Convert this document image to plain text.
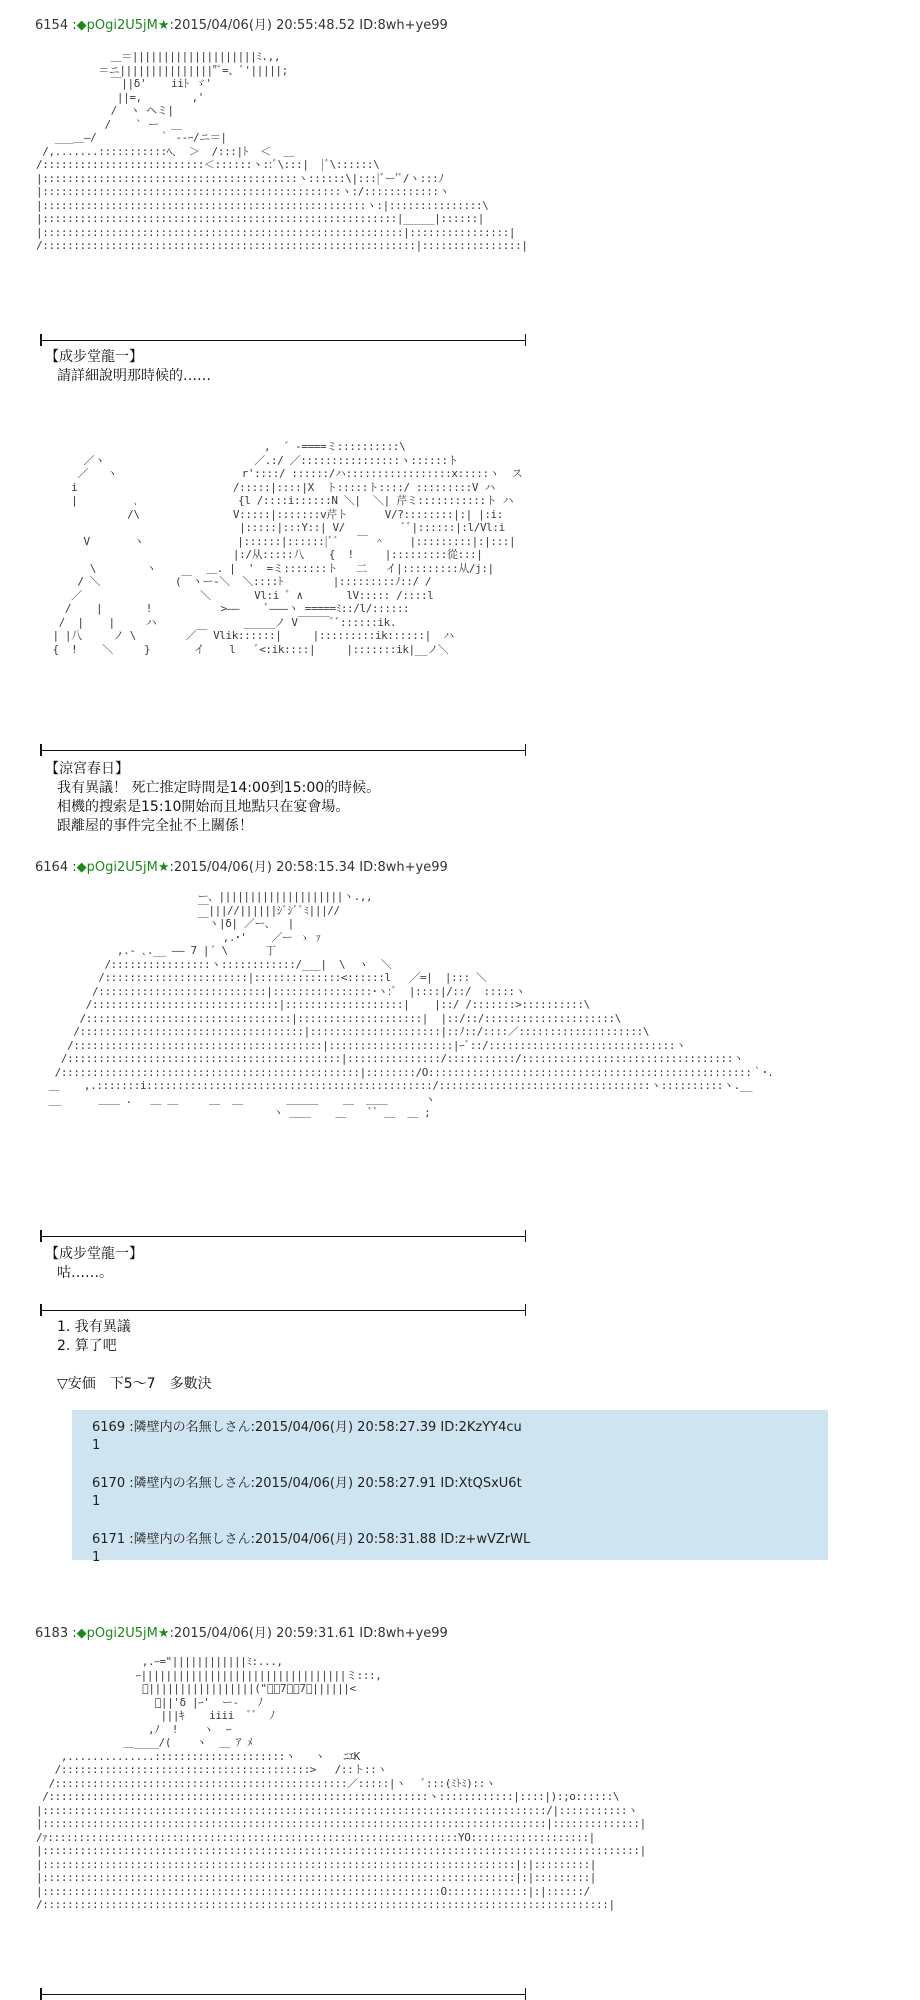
6154 :◆pOgi2U5jM★:2015/04/06(月) 20:55:48.52 ID:8wh+ye99
＿＝||||||||||||||||||||ﾐ.,,
＝ニ|||||||||||||||"ﾞ=、ﾞ'|||||;
￣||δ'    iiﾄ ゞ'
||=,        ,'
/  ヽ ヘミ|
/    ` ー  ＿
___＿―/          ｀ --ｰ/ニ＝|
/,.......:::::::::::ﾍ、 ＞  /:::|ﾄ  ＜  ＿
/::::::::::::::::::::::::::＜::::::ヽ::ﾞ\:::|  |ﾞ\::::::\
|:::::::::::::::::::::::::::::::::::::::::ヽ::::::\|:::|ﾞー'ﾞ/ヽ:::ﾉ
|::::::::::::::::::::::::::::::::::::::::::::::::ヽ:/::::::::::::ヽ
|::::::::::::::::::::::::::::::::::::::::::::::::::::ヽ:|:::::::::::::::\
|:::::::::::::::::::::::::::::::::::::::::::::::::::::::::|_____|::::::|
|::::::::::::::::::::::::::::::::::::::::::::::::::::::::::|::::::::::::::::|
/::::::::::::::::::::::::::::::::::::::::::::::::::::::::::::|::::::::::::::::|
【成步堂龍一】
請詳細說明那時候的……
,  ´ -====ミ::::::::::\
／ヽ                        ／.:/ ／::::::::::::::::ヽ::::::ト
／   ヽ                    r'::::/ ::::::/ハ:::::::::::::::::x:::::ヽ  ス
i                         /:::::|::::|X  ト:::::ト::::/ :::::::::V ハ
|         ､                {l /::::i::::::N ＼|  ＼| 芹ミ:::::::::::ト ハ
/\               V:::::|:::::::v芹ト      V/?::::::::|:| |:i:
|:::::|:::Y::| V/         ﾞﾞ|::::::|:l/Vl:i
V       ヽ               |::::::|::::::|ﾞﾞ   ￣ ＾    |:::::::::|:|:::|
|:/从:::::八    {  !     |:::::::::從:::|
\        ヽ        ＿. |  '  =ミ:::::::ト   二   イ|:::::::::从/j:|
/ ＼            (￣ヽー-＼  ＼::::ﾄ        |:::::::::ﾉ::/ /
／                   ＼       Vl:i ﾞ ∧       lV::::: /::::l
/    |       !           >――    ﾞ―――ヽ =====ﾐ::/l/::::::
/  |    |     ハ              _____ノ V￣￣￣ﾞﾞ::::::ik.
| |八     ノ \        ／￣ Vlik::::::|     |:::::::::ik::::::|  ハ
{  !    ＼     }       イ    l   ﾞ<:ik::::|     |:::::::ik|__ノ＼
【涼宮春日】
我有異議！ 死亡推定時間是14:00到15:00的時候。
相機的搜索是15:10開始而且地點只在宴會場。
跟離屋的事件完全扯不上關係！
6164 :◆pOgi2U5jM★:2015/04/06(月) 20:58:15.34 ID:8wh+ye99
ー、||||||||||||||||||||ヽ.,,
￣|||//||||||ｼﾞｼﾞﾞﾐ|||//
￣ヽ|δ| ／ー、  |
,.･'    ／ー ゝ ｧ
,.‐ ､.__ ―― 7 |´ \      丁
/::::::::::::::::ヽ::::::::::::/___|  \  ヽ  ＼
/:::::::::::::::::::::::|::::::::::::::<::::::l   ／=|  |::: ＼
/:::::::::::::::::::::::::::|::::::::::::::::･ヽ:ﾞ  |::::|/::/  :::::ヽ
/::::::::::::::::::::::::::::::|:::::::::::::::::::|    |::/ /:::::::>::::::::::\
/:::::::::::::::::::::::::::::::::|::::::::::::::::::::|  |::/::/:::::::::::::::::::::\
/::::::::::::::::::::::::::::::::::::|:::::::::::::::::::::|::ﾉ::/::::／::::::::::::::::::::\
/::::::::::::::::::::::::::::::::::::::::|::::::::::::::::::::|ｰﾞ::/::::::::::::::::::::::::::::::ヽ
/::::::::::::::::::::::::::::::::::::::::::::|:::::::::::::::/:::::::::::/::::::::::::::::::::::::::::::::::ヽ
/::::::::::::::::::::::::::::::::::::::::::::::::|::::::::/O::::::::::::::::::::::::::::::::::::::::::::::::::::｀･.
＿    ,.:::::::i::::::::::::::::::::::::::::::::::::::::::::::/::::::::::::::::::::::::::::::::::ヽ::::::::::ヽ.__
__      ＿＿ .   ＿ ＿     ＿  ＿       ＿＿＿    ＿  ＿＿      ヽ
ヽ ＿＿    ＿    ﾞﾞ ＿  ＿ ;
【成步堂龍一】
咕……。
1. 我有異議
2. 算了吧
▽安価　下5～7　多數決
6169 :隣壁内の名無しさん:2015/04/06(月) 20:58:27.39 ID:2KzYY4cu
1
6170 :隣壁内の名無しさん:2015/04/06(月) 20:58:27.91 ID:XtQSxU6t
1
6171 :隣壁内の名無しさん:2015/04/06(月) 20:58:31.88 ID:z+wVZrWL
1
6183 :◆pOgi2U5jM★:2015/04/06(月) 20:59:31.61 ID:8wh+ye99
,.ｰ="||||||||||||ﾐ:...,
ｰ|||||||||||||||||||||||||||||||||ミ:::,
ﾞ|||||||||||||||||("ﾞﾞ7ﾞﾞ7ﾞ||||||<
ﾞ||'δ |ｰ'  ー-   ﾉ
|||ｷ    iiii  ﾞﾞ  ﾉ
,ﾉ  !    ヽ  ｰ
＿____/(    ヽ  ＿ ｱ ﾒ
,..............:::::::::::::::::::::ヽ   ヽ   ﾆｴK
/::::::::::::::::::::::::::::::::::::::::>   /::ト::ヽ
/:::::::::::::::::::::::::::::::::::::::::::::::／:::::|ヽ   ﾞ:::(ﾐﾄﾐ)::ヽ
/:::::::::::::::::::::::::::::::::::::::::::::::::::::::::::::ヽ::::::::::::|::::|):;o::::::\
|:::::::::::::::::::::::::::::::::::::::::::::::::::::::::::::::::::::::::::::::::/|:::::::::::ヽ
|:::::::::::::::::::::::::::::::::::::::::::::::::::::::::::::::::::::::::::::::::|::::::::::::::|
/ｧ::::::::::::::::::::::::::::::::::::::::::::::::::::::::::::::::::YO:::::::::::::::::::|
|::::::::::::::::::::::::::::::::::::::::::::::::::::::::::::::::::::::::::::::::::::::::::::::::|
|::::::::::::::::::::::::::::::::::::::::::::::::::::::::::::::::::::::::::::|:|:::::::::|
|::::::::::::::::::::::::::::::::::::::::::::::::::::::::::::::::::::::::::::|:|:::::::::|
|::::::::::::::::::::::::::::::::::::::::::::::::::::::::::::::::O:::::::::::::|:|::::::/
/:::::::::::::::::::::::::::::::::::::::::::::::::::::::::::::::::::::::::::::::::::::::::::|
